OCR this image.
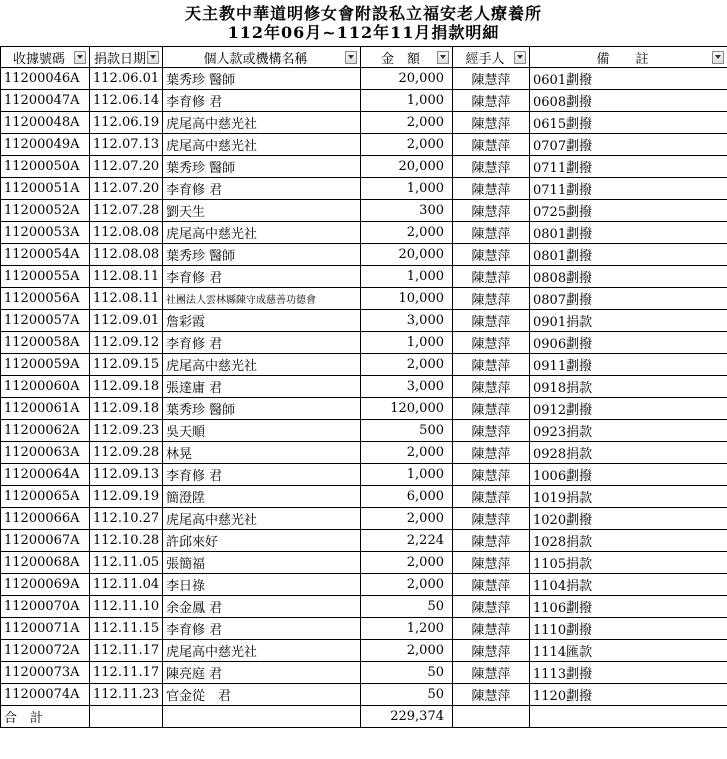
天主教中華道明修女會附設私立福安老人療養所
112年06月~112年11月捐款明細
收據號碼	捐款日期	個人款或機構名稱	金　額	經手人	備　　註

11200046A	112.06.01	葉秀珍 醫師	20,000	陳慧萍	0601劃撥
11200047A	112.06.14	李育修 君	1,000	陳慧萍	0608劃撥
11200048A	112.06.19	虎尾高中慈光社	2,000	陳慧萍	0615劃撥
11200049A	112.07.13	虎尾高中慈光社	2,000	陳慧萍	0707劃撥
11200050A	112.07.20	葉秀珍 醫師	20,000	陳慧萍	0711劃撥
11200051A	112.07.20	李育修 君	1,000	陳慧萍	0711劃撥
11200052A	112.07.28	劉天生	300	陳慧萍	0725劃撥
11200053A	112.08.08	虎尾高中慈光社	2,000	陳慧萍	0801劃撥
11200054A	112.08.08	葉秀珍 醫師	20,000	陳慧萍	0801劃撥
11200055A	112.08.11	李育修 君	1,000	陳慧萍	0808劃撥
11200056A	112.08.11	社團法人雲林縣陳守成慈善功德會	10,000	陳慧萍	0807劃撥
11200057A	112.09.01	詹彩霞	3,000	陳慧萍	0901捐款
11200058A	112.09.12	李育修 君	1,000	陳慧萍	0906劃撥
11200059A	112.09.15	虎尾高中慈光社	2,000	陳慧萍	0911劃撥
11200060A	112.09.18	張達庸 君	3,000	陳慧萍	0918捐款
11200061A	112.09.18	葉秀珍 醫師	120,000	陳慧萍	0912劃撥
11200062A	112.09.23	吳天順	500	陳慧萍	0923捐款
11200063A	112.09.28	林晃	2,000	陳慧萍	0928捐款
11200064A	112.09.13	李育修 君	1,000	陳慧萍	1006劃撥
11200065A	112.09.19	簡澄陞	6,000	陳慧萍	1019捐款
11200066A	112.10.27	虎尾高中慈光社	2,000	陳慧萍	1020劃撥
11200067A	112.10.28	許邱來好	2,224	陳慧萍	1028捐款
11200068A	112.11.05	張簡福	2,000	陳慧萍	1105捐款
11200069A	112.11.04	李日祿	2,000	陳慧萍	1104捐款
11200070A	112.11.10	余金鳳 君	50	陳慧萍	1106劃撥
11200071A	112.11.15	李育修 君	1,200	陳慧萍	1110劃撥
11200072A	112.11.17	虎尾高中慈光社	2,000	陳慧萍	1114匯款
11200073A	112.11.17	陳亮庭 君	50	陳慧萍	1113劃撥
11200074A	112.11.23	官金從　君	50	陳慧萍	1120劃撥
合　計			229,374		
